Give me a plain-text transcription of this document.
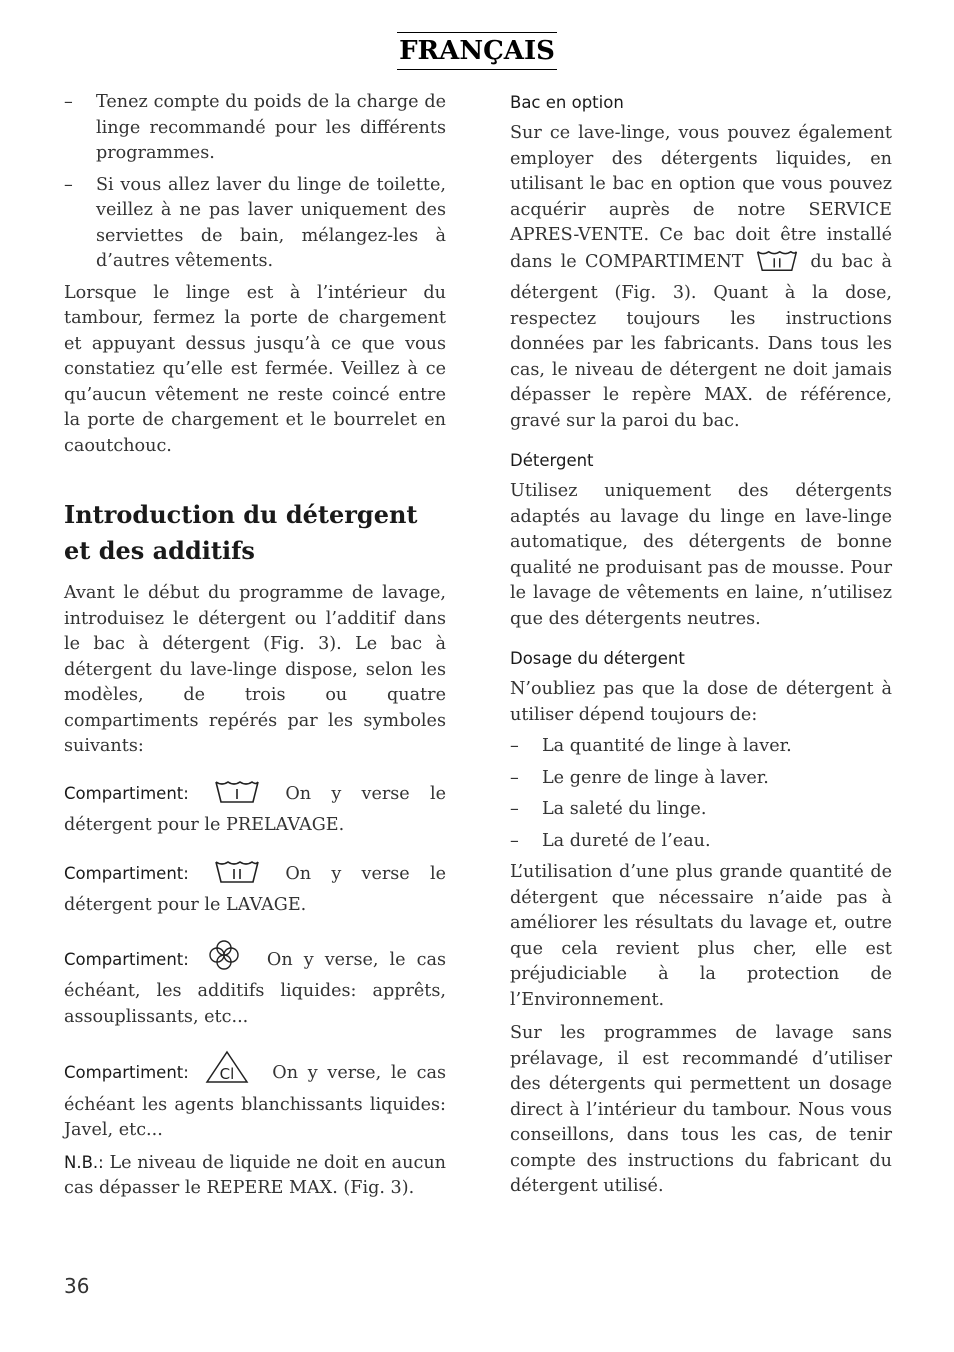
FRANÇAIS

– Tenez compte du poids de la charge de linge recommandé pour les différents programmes.

– Si vous allez laver du linge de toilette, veillez à ne pas laver uniquement des serviettes de bain, mélangez-les à d’autres vêtements.

Lorsque le linge est à l’intérieur du tambour, fermez la porte de chargement et appuyant dessus jusqu’à ce que vous constatiez qu’elle est fermée. Veillez à ce qu’aucun vêtement ne reste coincé entre la porte de chargement et le bourrelet en caoutchouc.

Introduction du détergent et des additifs

Avant le début du programme de lavage, introduisez le détergent ou l’additif dans le bac à détergent (Fig. 3). Le bac à détergent du lave-linge dispose, selon les modèles, de trois ou quatre compartiments repérés par les symboles suivants:

Compartiment:	On y verse le détergent pour le PRELAVAGE.

Compartiment:	On y verse le détergent pour le LAVAGE.

Compartiment:	On y verse, le cas échéant, les additifs liquides: apprêts, assouplissants, etc...

Compartiment: Cl On y verse, le cas échéant les agents blanchissants liquides: Javel, etc...

N.B.: Le niveau de liquide ne doit en aucun cas dépasser le REPERE MAX. (Fig. 3).

Bac en option

Sur ce lave-linge, vous pouvez également employer des détergents liquides, en utilisant le bac en option que vous pouvez acquérir auprès de notre SERVICE APRES-VENTE. Ce bac doit être installé dans le COMPARTIMENT	du bac à détergent (Fig. 3). Quant à la dose, respectez toujours les instructions données par les fabricants. Dans tous les cas, le niveau de détergent ne doit jamais dépasser le repère MAX. de référence, gravé sur la paroi du bac.

Détergent

Utilisez uniquement des détergents adaptés au lavage du linge en lave-linge automatique, des détergents de bonne qualité ne produisant pas de mousse. Pour le lavage de vêtements en laine, n’utilisez que des détergents neutres.

Dosage du détergent

N’oubliez pas que la dose de détergent à utiliser dépend toujours de:

– La quantité de linge à laver.

– Le genre de linge à laver.

– La saleté du linge.

– La dureté de l’eau.

L’utilisation d’une plus grande quantité de détergent que nécessaire n’aide pas à améliorer les résultats du lavage et, outre que cela revient plus cher, elle est préjudiciable à la protection de l’Environnement.

Sur les programmes de lavage sans prélavage, il est recommandé d’utiliser des détergents qui permettent un dosage direct à l’intérieur du tambour. Nous vous conseillons, dans tous les cas, de tenir compte des instructions du fabricant du détergent utilisé.

36
